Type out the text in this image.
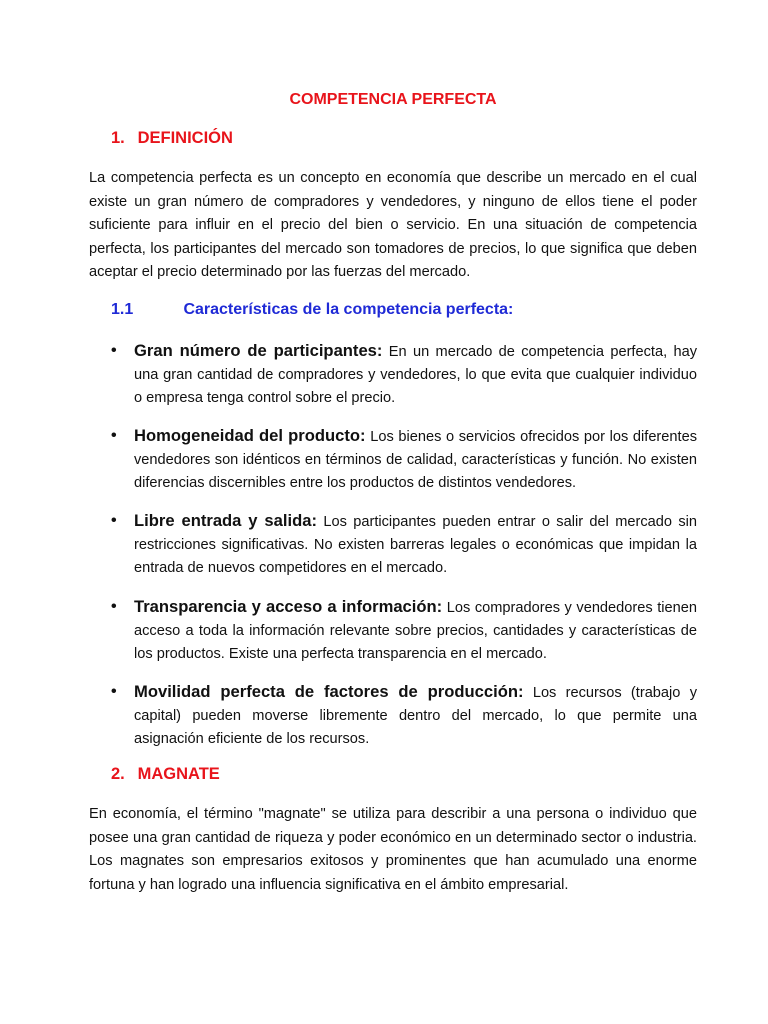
COMPETENCIA PERFECTA
1. DEFINICIÓN

La competencia perfecta es un concepto en economía que describe un mercado en el cual existe un gran número de compradores y vendedores, y ninguno de ellos tiene el poder suficiente para influir en el precio del bien o servicio. En una situación de competencia perfecta, los participantes del mercado son tomadores de precios, lo que significa que deben aceptar el precio determinado por las fuerzas del mercado.

1.1	Características de la competencia perfecta:
• Gran número de participantes: En un mercado de competencia perfecta, hay una gran cantidad de compradores y vendedores, lo que evita que cualquier individuo o empresa tenga control sobre el precio.

• Homogeneidad del producto: Los bienes o servicios ofrecidos por los diferentes vendedores son idénticos en términos de calidad, características y función. No existen diferencias discernibles entre los productos de distintos vendedores.

• Libre entrada y salida: Los participantes pueden entrar o salir del mercado sin restricciones significativas. No existen barreras legales o económicas que impidan la entrada de nuevos competidores en el mercado.

• Transparencia y acceso a información: Los compradores y vendedores tienen acceso a toda la información relevante sobre precios, cantidades y características de los productos. Existe una perfecta transparencia en el mercado.

• Movilidad perfecta de factores de producción: Los recursos (trabajo y capital) pueden moverse libremente dentro del mercado, lo que permite una asignación eficiente de los recursos.

2. MAGNATE

En economía, el término "magnate" se utiliza para describir a una persona o individuo que posee una gran cantidad de riqueza y poder económico en un determinado sector o industria. Los magnates son empresarios exitosos y prominentes que han acumulado una enorme fortuna y han logrado una influencia significativa en el ámbito empresarial.
